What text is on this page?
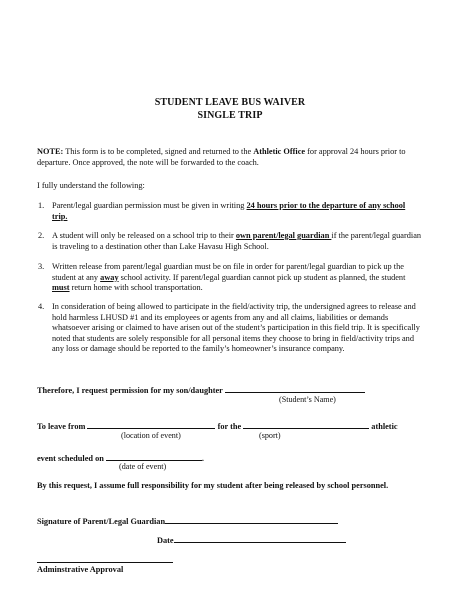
STUDENT LEAVE BUS WAIVER
SINGLE TRIP
NOTE: This form is to be completed, signed and returned to the Athletic Office for approval 24 hours prior to departure. Once approved, the note will be forwarded to the coach.
I fully understand the following:
1. Parent/legal guardian permission must be given in writing 24 hours prior to the departure of any school trip.
2. A student will only be released on a school trip to their own parent/legal guardian if the parent/legal guardian is traveling to a destination other than Lake Havasu High School.
3. Written release from parent/legal guardian must be on file in order for parent/legal guardian to pick up the student at any away school activity. If parent/legal guardian cannot pick up student as planned, the student must return home with school transportation.
4. In consideration of being allowed to participate in the field/activity trip, the undersigned agrees to release and hold harmless LHUSD #1 and its employees or agents from any and all claims, liabilities or demands whatsoever arising or claimed to have arisen out of the student’s participation in this field trip. It is specifically noted that students are solely responsible for all personal items they choose to bring in field/activity trips and any loss or damage should be reported to the family’s homeowner’s insurance company.
Therefore, I request permission for my son/daughter
(Student’s Name)
To leave from	for the	athletic
(location of event)	(sport)
event scheduled on	.
(date of event)
By this request, I assume full responsibility for my student after being released by school personnel.
Signature of Parent/Legal Guardian
Date
Adminstrative Approval
